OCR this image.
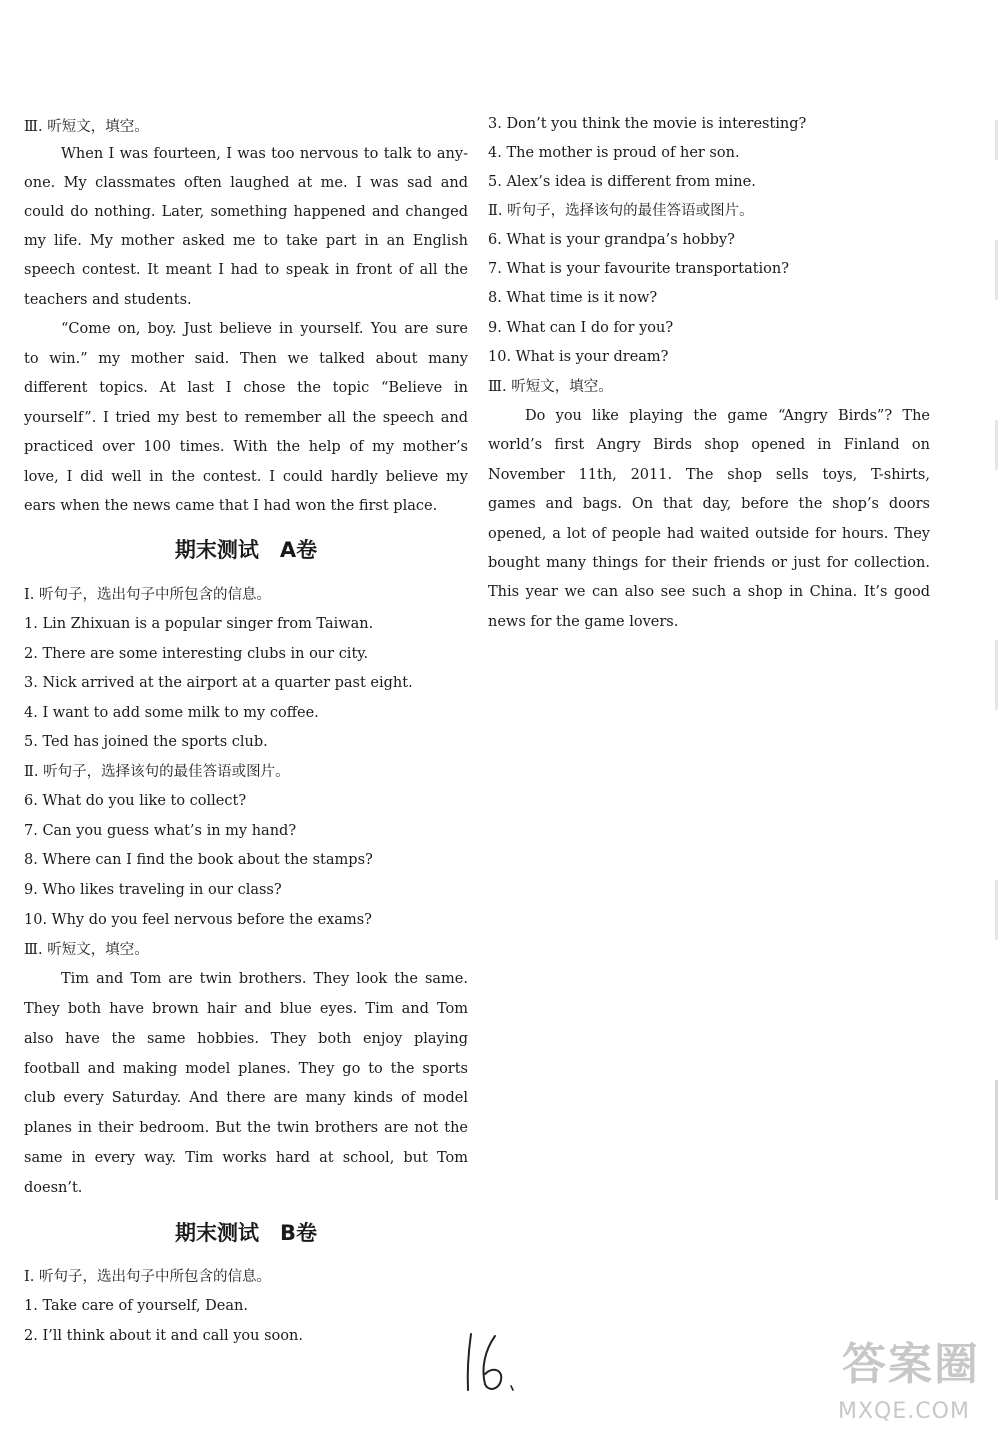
Ⅲ. 听短文，填空。
When I was fourteen, I was too nervous to talk to any-
one. My classmates often laughed at me. I was sad and
could do nothing. Later, something happened and changed
my life. My mother asked me to take part in an English
speech contest. It meant I had to speak in front of all the
teachers and students.
“Come on, boy. Just believe in yourself. You are sure
to win.” my mother said. Then we talked about many
different topics. At last I chose the topic “Believe in
yourself”. I tried my best to remember all the speech and
practiced over 100 times. With the help of my mother’s
love, I did well in the contest. I could hardly believe my
ears when the news came that I had won the first place.
期末测试　A卷
Ⅰ. 听句子，选出句子中所包含的信息。
1. Lin Zhixuan is a popular singer from Taiwan.
2. There are some interesting clubs in our city.
3. Nick arrived at the airport at a quarter past eight.
4. I want to add some milk to my coffee.
5. Ted has joined the sports club.
Ⅱ. 听句子，选择该句的最佳答语或图片。
6. What do you like to collect?
7. Can you guess what’s in my hand?
8. Where can I find the book about the stamps?
9. Who likes traveling in our class?
10. Why do you feel nervous before the exams?
Ⅲ. 听短文，填空。
Tim and Tom are twin brothers. They look the same.
They both have brown hair and blue eyes. Tim and Tom
also have the same hobbies. They both enjoy playing
football and making model planes. They go to the sports
club every Saturday. And there are many kinds of model
planes in their bedroom. But the twin brothers are not the
same in every way. Tim works hard at school, but Tom
doesn’t.
期末测试　B卷
Ⅰ. 听句子，选出句子中所包含的信息。
1. Take care of yourself, Dean.
2. I’ll think about it and call you soon.
3. Don’t you think the movie is interesting?
4. The mother is proud of her son.
5. Alex’s idea is different from mine.
Ⅱ. 听句子，选择该句的最佳答语或图片。
6. What is your grandpa’s hobby?
7. What is your favourite transportation?
8. What time is it now?
9. What can I do for you?
10. What is your dream?
Ⅲ. 听短文，填空。
Do you like playing the game “Angry Birds”? The
world’s first Angry Birds shop opened in Finland on
November 11th, 2011. The shop sells toys, T-shirts,
games and bags. On that day, before the shop’s doors
opened, a lot of people had waited outside for hours. They
bought many things for their friends or just for collection.
This year we can also see such a shop in China. It’s good
news for the game lovers.
答案圈
MXQE.COM
